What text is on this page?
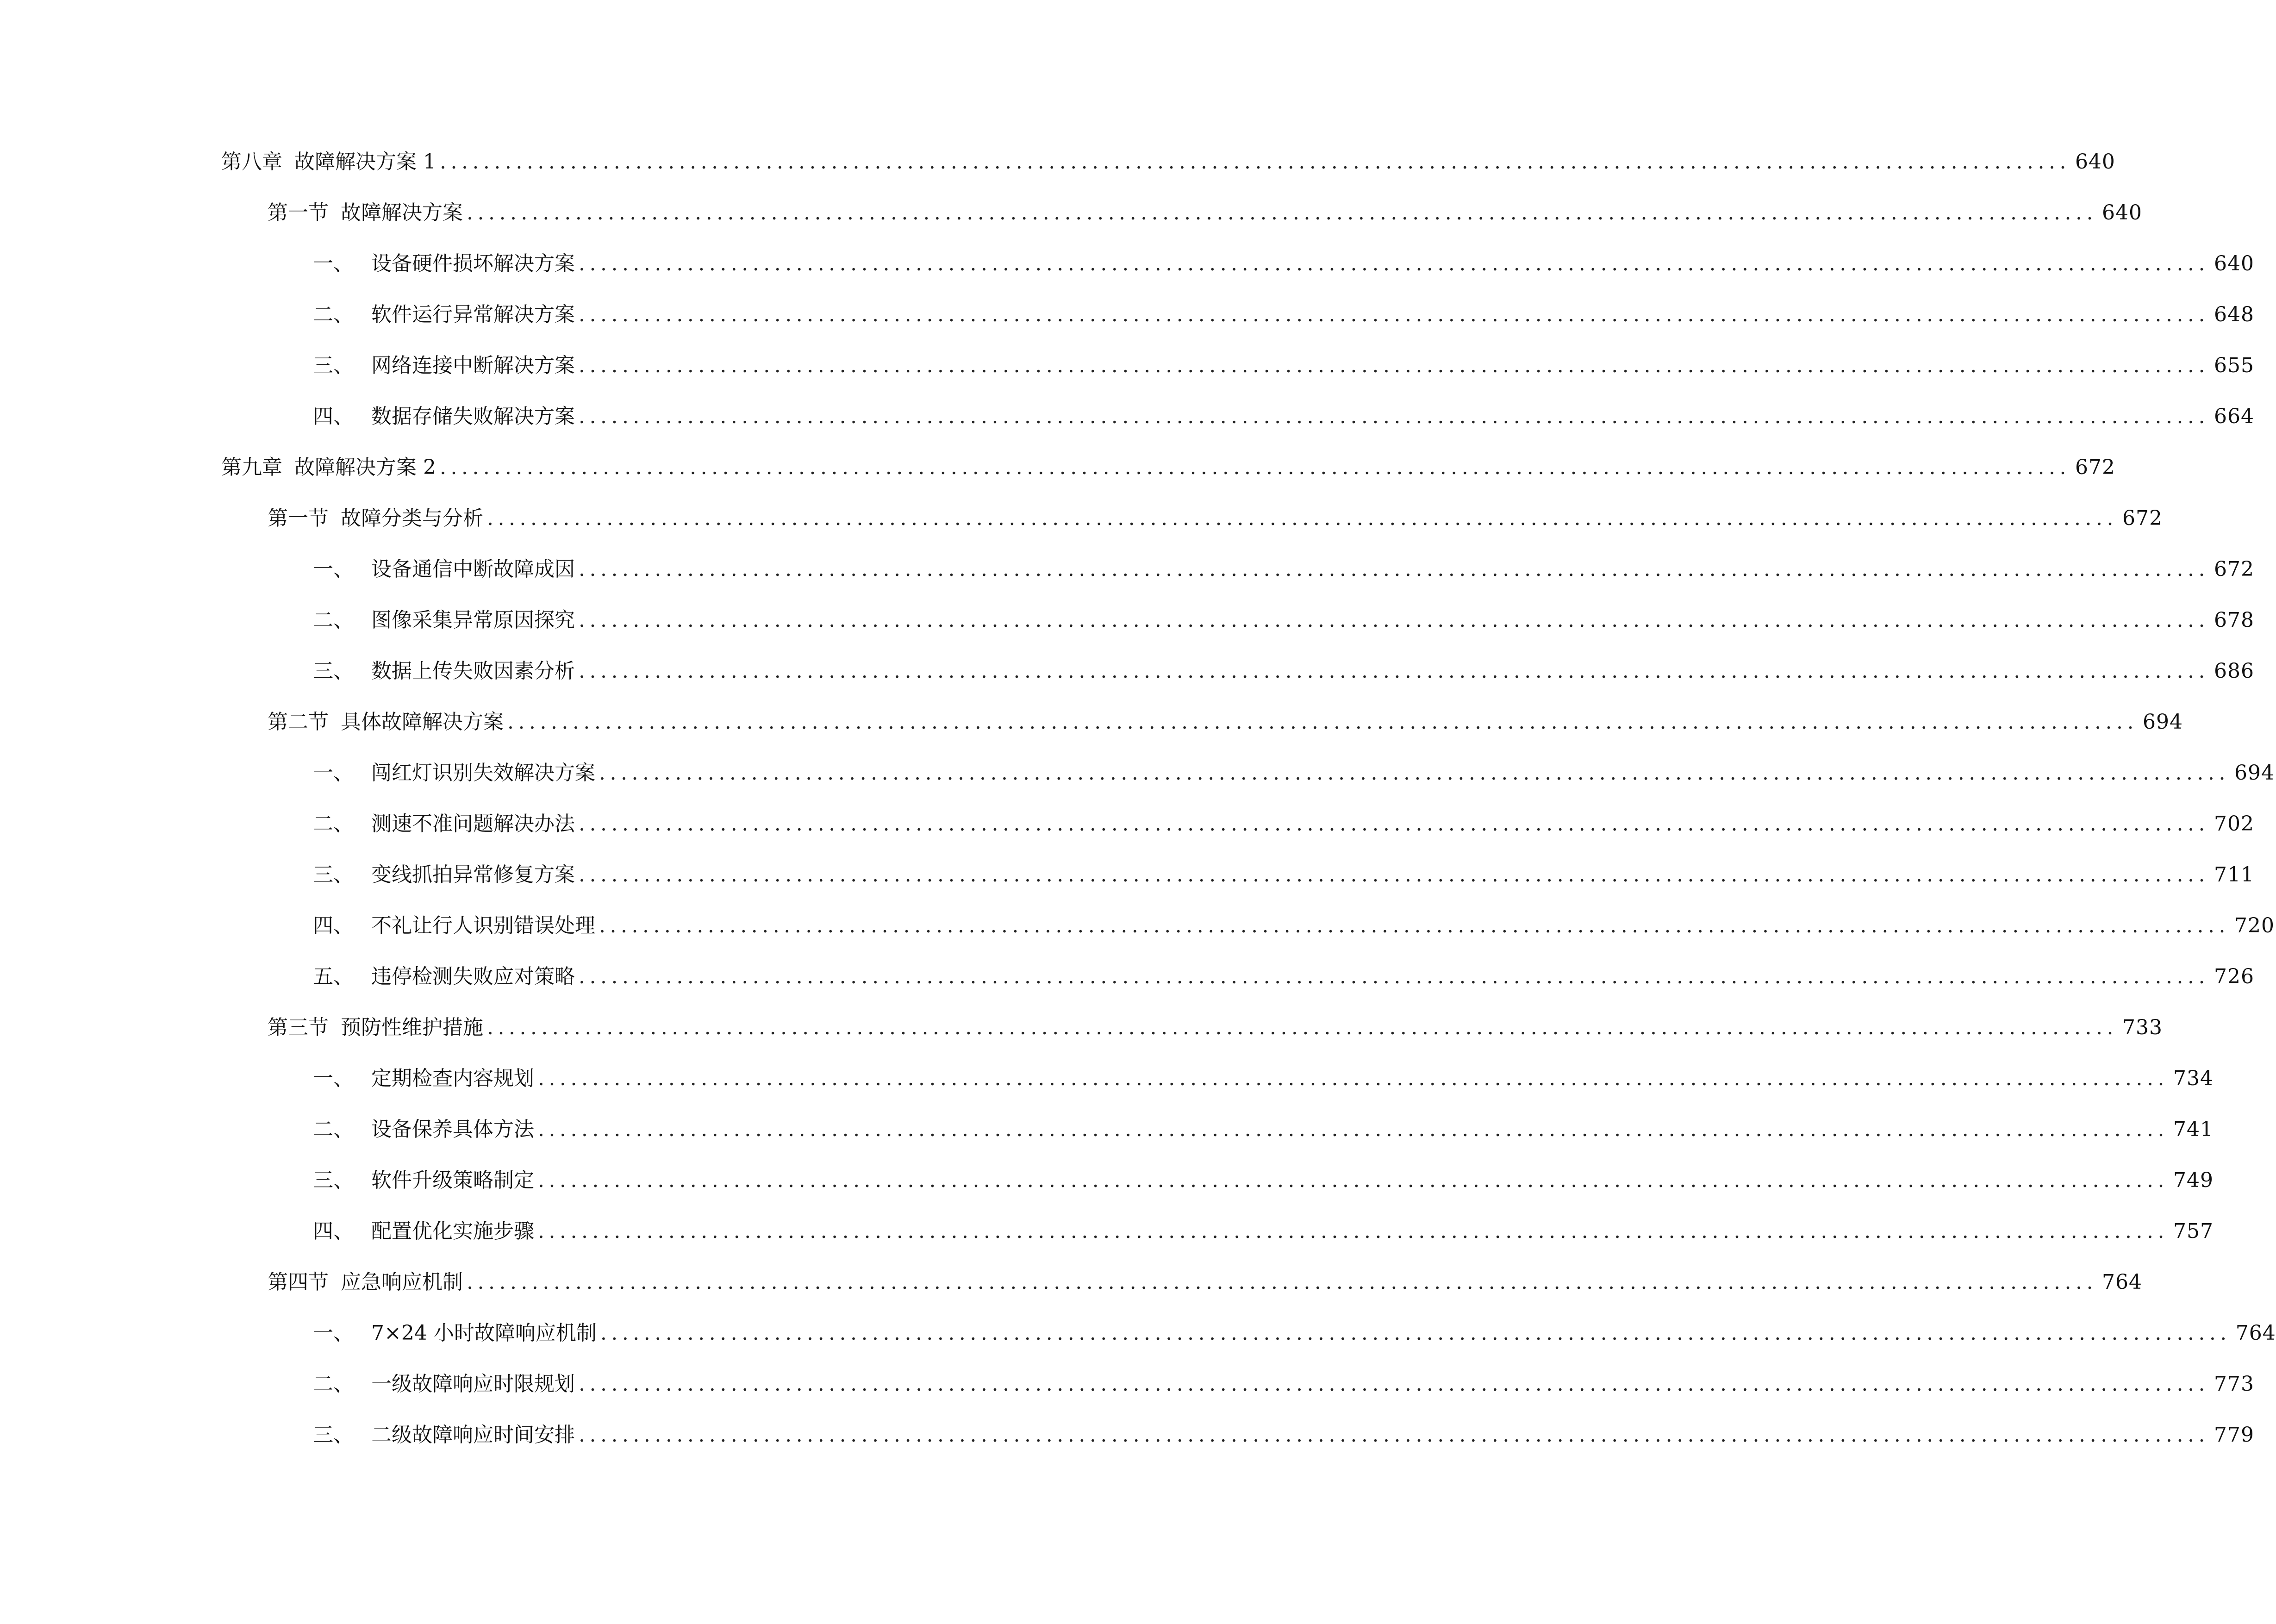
第八章 故障解决方案 1 ...................................................................................................................................................... 640
第一节 故障解决方案 ...................................................................................................................................................... 640
一、 设备硬件损坏解决方案 ...................................................................................................................................................... 640
二、 软件运行异常解决方案 ...................................................................................................................................................... 648
三、 网络连接中断解决方案 ...................................................................................................................................................... 655
四、 数据存储失败解决方案 ...................................................................................................................................................... 664
第九章 故障解决方案 2 ...................................................................................................................................................... 672
第一节 故障分类与分析 ...................................................................................................................................................... 672
一、 设备通信中断故障成因 ...................................................................................................................................................... 672
二、 图像采集异常原因探究 ...................................................................................................................................................... 678
三、 数据上传失败因素分析 ...................................................................................................................................................... 686
第二节 具体故障解决方案 ...................................................................................................................................................... 694
一、 闯红灯识别失效解决方案 ...................................................................................................................................................... 694
二、 测速不准问题解决办法 ...................................................................................................................................................... 702
三、 变线抓拍异常修复方案 ...................................................................................................................................................... 711
四、 不礼让行人识别错误处理 ...................................................................................................................................................... 720
五、 违停检测失败应对策略 ...................................................................................................................................................... 726
第三节 预防性维护措施 ...................................................................................................................................................... 733
一、 定期检查内容规划 ...................................................................................................................................................... 734
二、 设备保养具体方法 ...................................................................................................................................................... 741
三、 软件升级策略制定 ...................................................................................................................................................... 749
四、 配置优化实施步骤 ...................................................................................................................................................... 757
第四节 应急响应机制 ...................................................................................................................................................... 764
一、 7×24 小时故障响应机制 ...................................................................................................................................................... 764
二、 一级故障响应时限规划 ...................................................................................................................................................... 773
三、 二级故障响应时间安排 ...................................................................................................................................................... 779
